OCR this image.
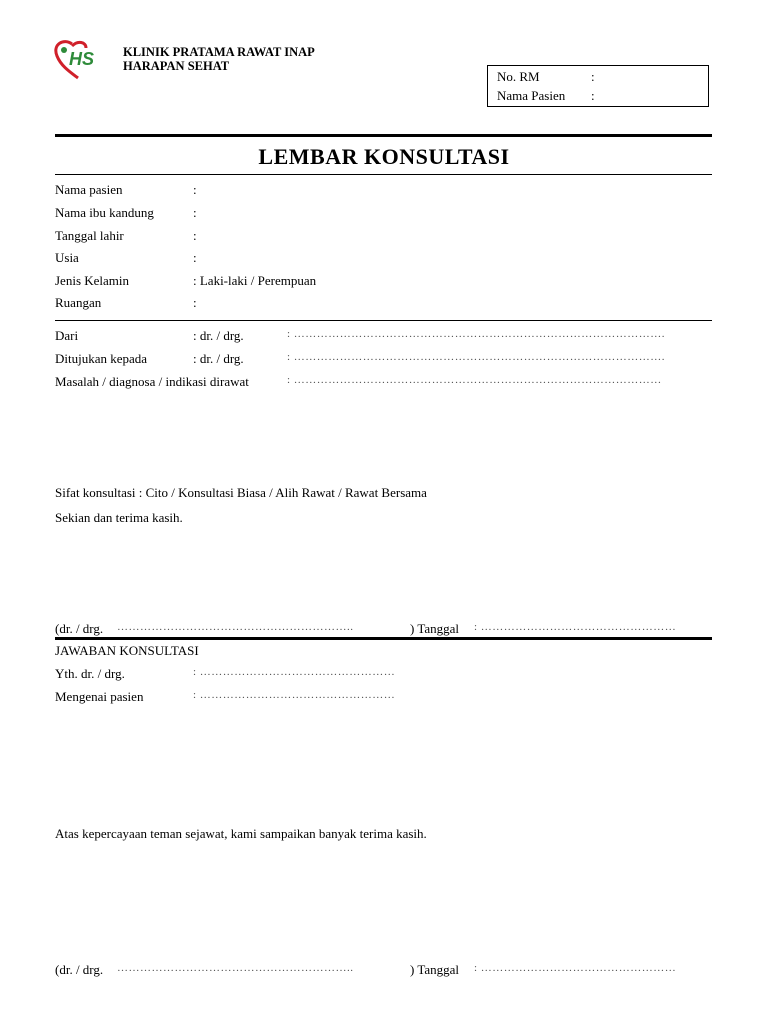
HS KLINIK PRATAMA RAWAT INAP
HARAPAN SEHAT
No. RM	:
Nama Pasien :
LEMBAR KONSULTASI
Nama pasien	:
Nama ibu kandung	:
Tanggal lahir	:
Usia	:
Jenis Kelamin	: Laki-laki / Perempuan
Ruangan	:
Dari	: dr. / drg.	: …………………………………………………………………………………….
Ditujukan kepada	: dr. / drg.	: …………………………………………………………………………………….
Masalah / diagnosa / indikasi dirawat	: ……………………………………………………………………………………
Sifat konsultasi : Cito / Konsultasi Biasa / Alih Rawat / Rawat Bersama
Sekian dan terima kasih.
(dr. / drg. ……………………………………………………..	) Tanggal : ……………………………………………
JAWABAN KONSULTASI
Yth. dr. / drg.	: ……………………………………………
Mengenai pasien	: ……………………………………………
Atas kepercayaan teman sejawat, kami sampaikan banyak terima kasih.
(dr. / drg. ……………………………………………………..	) Tanggal : ……………………………………………
